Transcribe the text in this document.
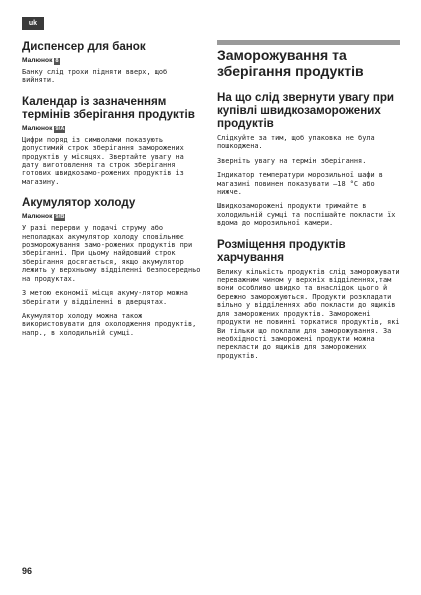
uk
Диспенсер для банок
Малюнок 8

Банку слід трохи підняти вверх, щоб вийняти.

Календар із зазначенням термінів зберігання продуктів
Малюнок 9/A

Цифри поряд із символами показують допустимий строк зберігання заморожених продуктів у місяцях. Звертайте увагу на дату виготовлення та строк зберігання готових швидкозамо-рожених продуктів із магазину.

Акумулятор холоду
Малюнок 9/B

У разі перерви у подачі струму або неполадках акумулятор холоду сповільнює розморожування замо-рожених продуктів при зберіганні. При цьому найдовший строк зберігання досягається, якщо акумулятор лежить у верхньому відділенні безпосередньо на продуктах.

З метою економії місця акуму-лятор можна зберігати у відділенні в дверцятах.

Акумулятор холоду можна також використовувати для охолодження продуктів, напр., в холодильній сумці.

Заморожування та зберігання продуктів
На що слід звернути увагу при купівлі швидкозаморожених продуктів

Слідкуйте за тим, щоб упаковка не була пошкоджена.

Зверніть увагу на термін зберігання.

Індикатор температури морозильної шафи в магазині повинен показувати –18 °C або нижче.

Швидкозаморожені продукти тримайте в холодильній сумці та поспішайте покласти їх вдома до морозильної камери.

Розміщення продуктів харчування

Велику кількість продуктів слід заморожувати переважним чином у верхніх відділеннях,там вони особливо швидко та внаслідок цього й бережно заморожуються. Продукти розкладати вільно у відділеннях або покласти до ящиків для заморожених продуктів. Заморожені продукти не повинні торкатися продуктів, які Ви тільки що поклали для заморожування. За необхідності заморожені продукти можна перекласти до ящиків для заморожених продуктів.

96
